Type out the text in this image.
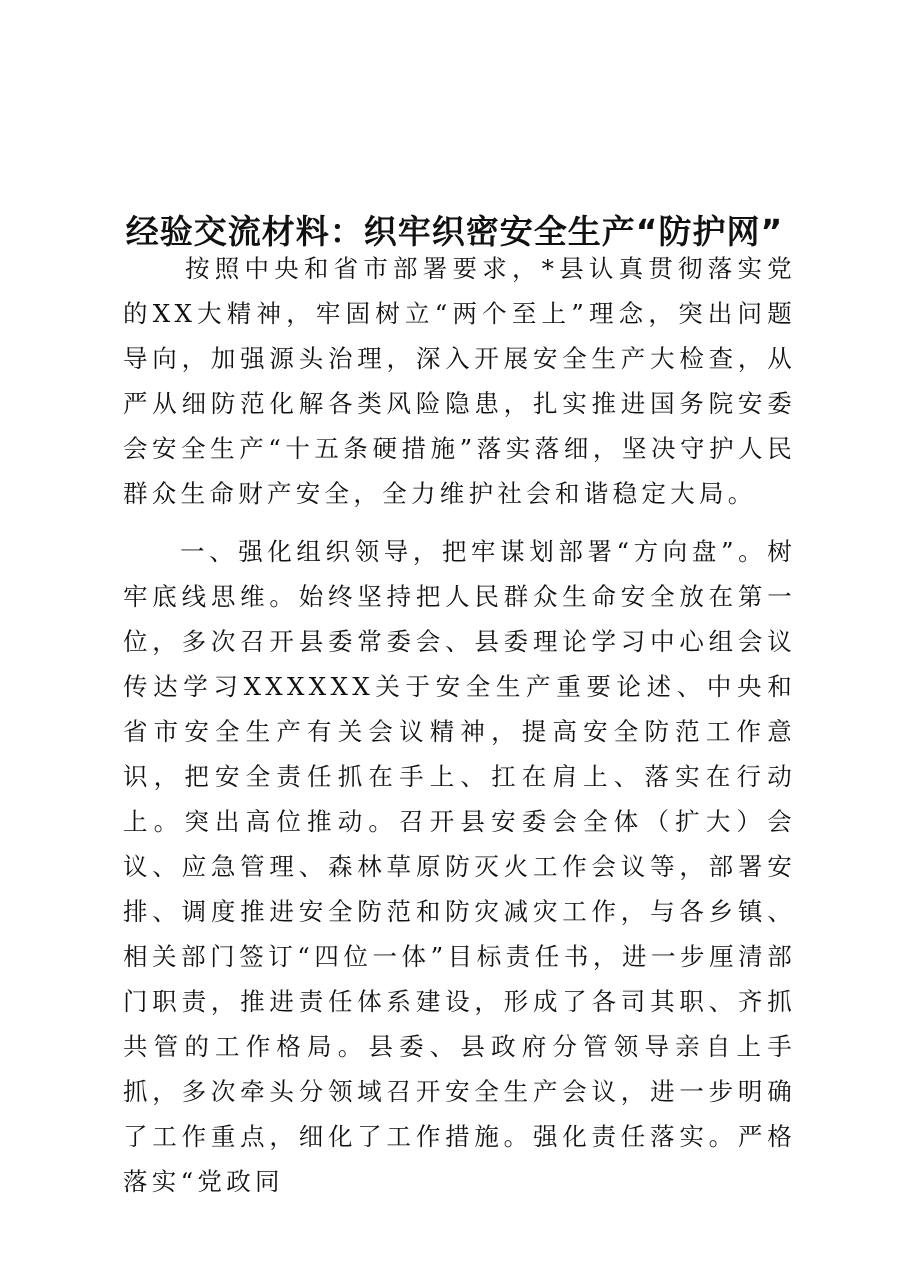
经验交流材料：织牢织密安全生产“防护网”

按照中央和省市部署要求，*县认真贯彻落实党的XX大精神，牢固树立“两个至上”理念，突出问题导向，加强源头治理，深入开展安全生产大检查，从严从细防范化解各类风险隐患，扎实推进国务院安委会安全生产“十五条硬措施”落实落细，坚决守护人民群众生命财产安全，全力维护社会和谐稳定大局。

一、强化组织领导，把牢谋划部署“方向盘”。树牢底线思维。始终坚持把人民群众生命安全放在第一位，多次召开县委常委会、县委理论学习中心组会议传达学习XXXXXX关于安全生产重要论述、中央和省市安全生产有关会议精神，提高安全防范工作意识，把安全责任抓在手上、扛在肩上、落实在行动上。突出高位推动。召开县安委会全体（扩大）会议、应急管理、森林草原防灭火工作会议等，部署安排、调度推进安全防范和防灾减灾工作，与各乡镇、相关部门签订“四位一体”目标责任书，进一步厘清部门职责，推进责任体系建设，形成了各司其职、齐抓共管的工作格局。县委、县政府分管领导亲自上手抓，多次牵头分领域召开安全生产会议，进一步明确了工作重点，细化了工作措施。强化责任落实。严格落实“党政同
